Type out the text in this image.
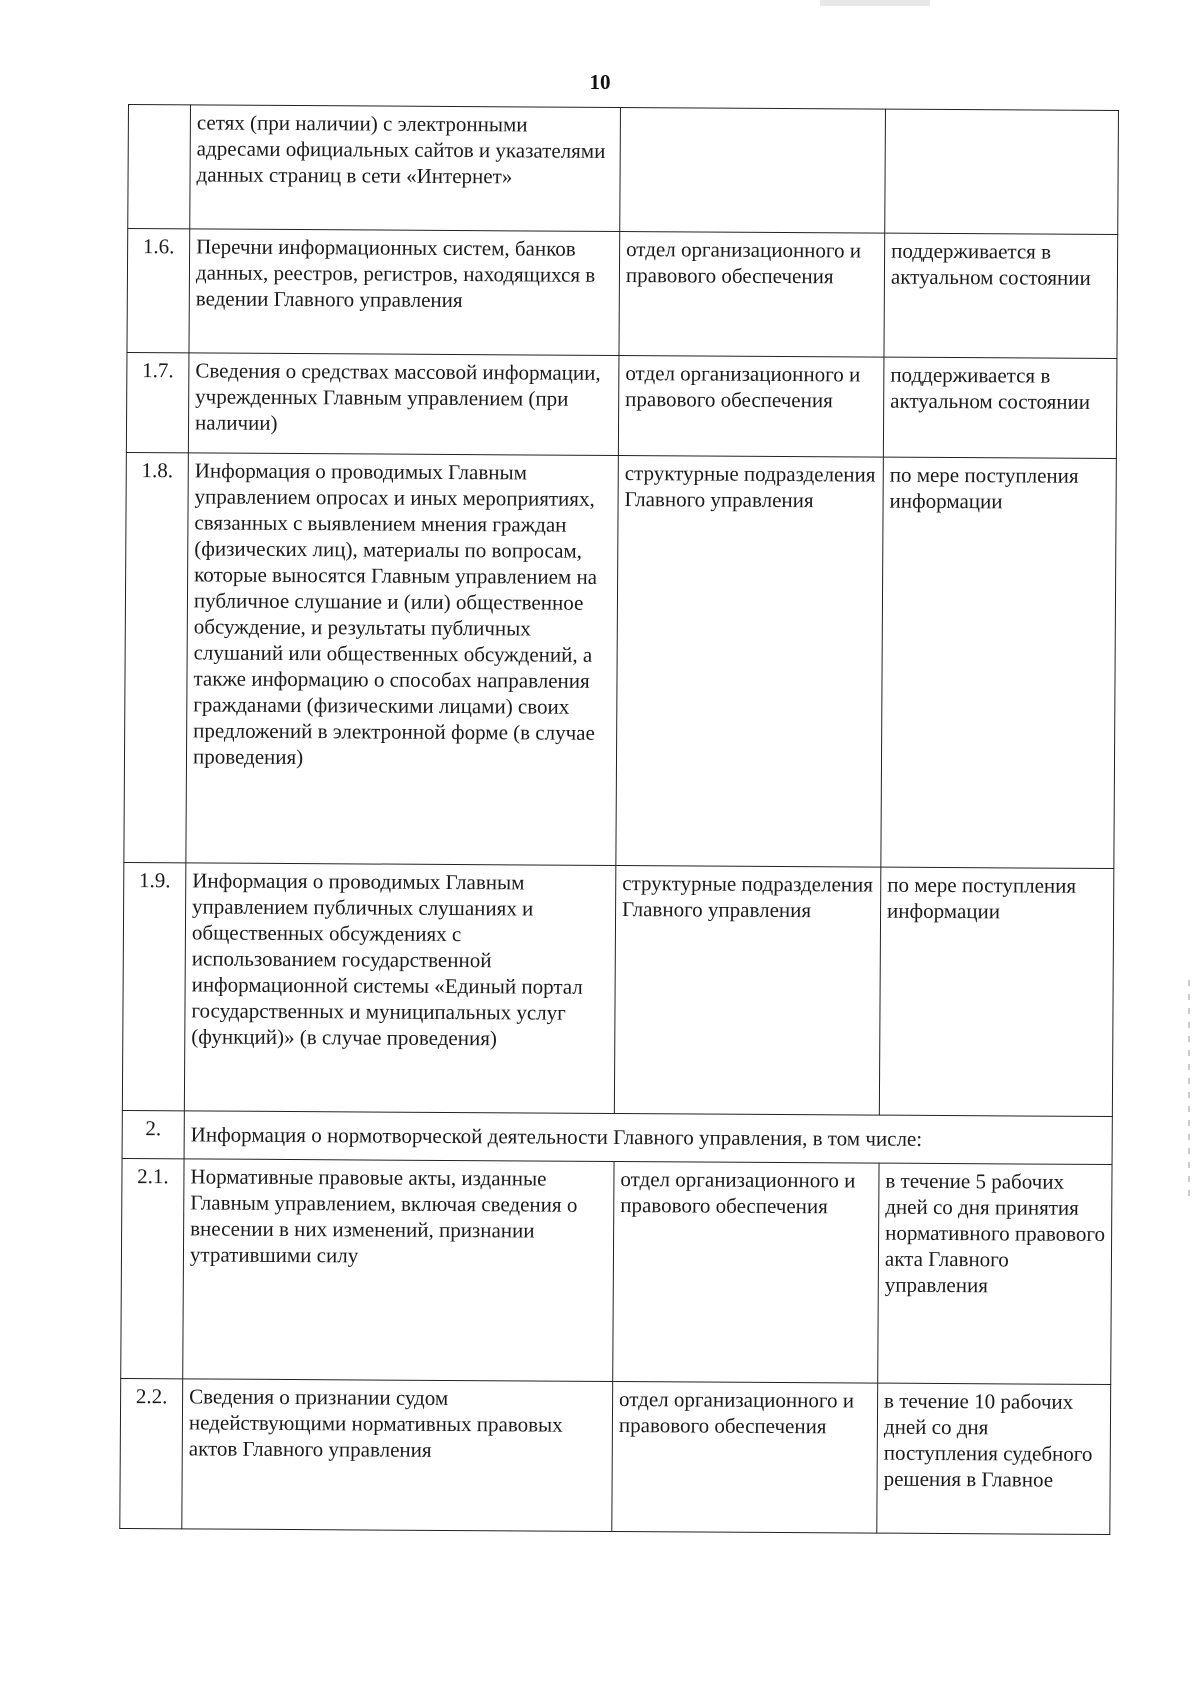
10
	сетях (при наличии) с электронными адресами официальных сайтов и указателями данных страниц в сети «Интернет»		
1.6.	Перечни информационных систем, банков данных, реестров, регистров, находящихся в ведении Главного управления	отдел организационного и правового обеспечения	поддерживается в актуальном состоянии
1.7.	Сведения о средствах массовой информации, учрежденных Главным управлением (при наличии)	отдел организационного и правового обеспечения	поддерживается в актуальном состоянии
1.8.	Информация о проводимых Главным управлением опросах и иных мероприятиях, связанных с выявлением мнения граждан (физических лиц), материалы по вопросам, которые выносятся Главным управлением на публичное слушание и (или) общественное обсуждение, и результаты публичных слушаний или общественных обсуждений, а также информацию о способах направления гражданами (физическими лицами) своих предложений в электронной форме (в случае проведения)	структурные подразделения Главного управления	по мере поступления информации
1.9.	Информация о проводимых Главным управлением публичных слушаниях и общественных обсуждениях с использованием государственной информационной системы «Единый портал государственных и муниципальных услуг (функций)» (в случае проведения)	структурные подразделения Главного управления	по мере поступления информации
2.	Информация о нормотворческой деятельности Главного управления, в том числе:		
2.1.	Нормативные правовые акты, изданные Главным управлением, включая сведения о внесении в них изменений, признании утратившими силу	отдел организационного и правового обеспечения	в течение 5 рабочих дней со дня принятия нормативного правового акта Главного управления
2.2.	Сведения о признании судом недействующими нормативных правовых актов Главного управления	отдел организационного и правового обеспечения	в течение 10 рабочих дней со дня поступления судебного решения в Главное
